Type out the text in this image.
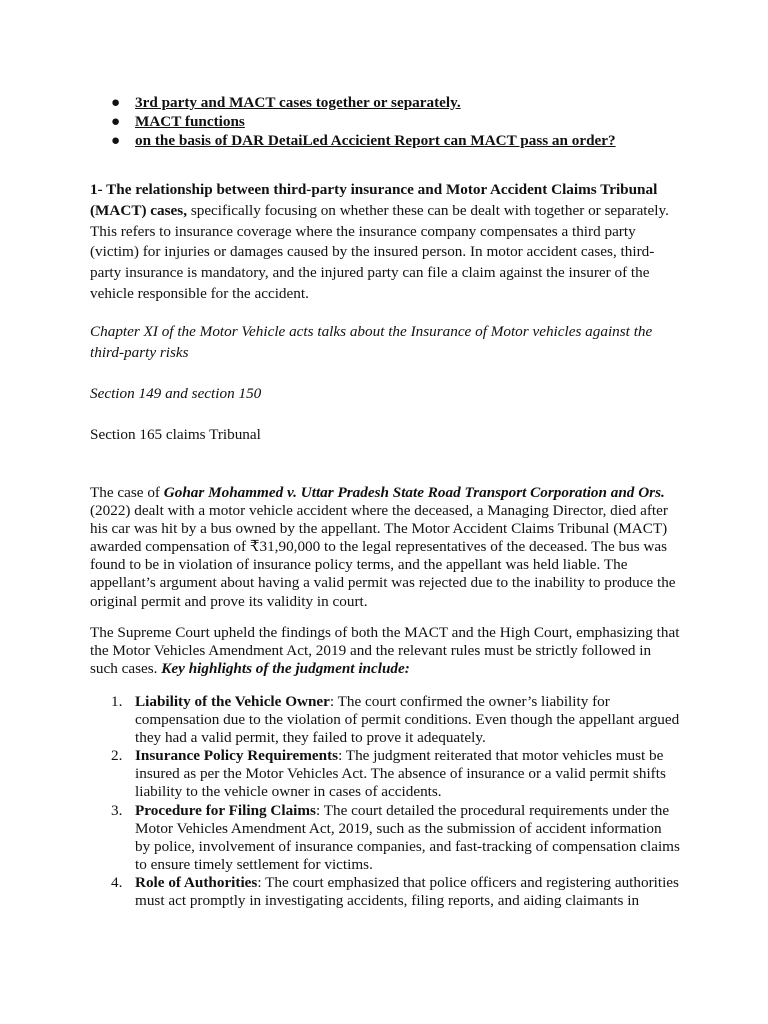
● 3rd party and MACT cases together or separately.
● MACT functions
● on the basis of DAR DetaiLed Accicient Report can MACT pass an order?

1- The relationship between third-party insurance and Motor Accident Claims Tribunal (MACT) cases, specifically focusing on whether these can be dealt with together or separately. This refers to insurance coverage where the insurance company compensates a third party (victim) for injuries or damages caused by the insured person. In motor accident cases, third-party insurance is mandatory, and the injured party can file a claim against the insurer of the vehicle responsible for the accident.

Chapter XI of the Motor Vehicle acts talks about the Insurance of Motor vehicles against the third-party risks

Section 149 and section 150

Section 165 claims Tribunal

The case of Gohar Mohammed v. Uttar Pradesh State Road Transport Corporation and Ors. (2022) dealt with a motor vehicle accident where the deceased, a Managing Director, died after his car was hit by a bus owned by the appellant. The Motor Accident Claims Tribunal (MACT) awarded compensation of ₹31,90,000 to the legal representatives of the deceased. The bus was found to be in violation of insurance policy terms, and the appellant was held liable. The appellant’s argument about having a valid permit was rejected due to the inability to produce the original permit and prove its validity in court.

The Supreme Court upheld the findings of both the MACT and the High Court, emphasizing that the Motor Vehicles Amendment Act, 2019 and the relevant rules must be strictly followed in such cases. Key highlights of the judgment include:

1. Liability of the Vehicle Owner: The court confirmed the owner’s liability for compensation due to the violation of permit conditions. Even though the appellant argued they had a valid permit, they failed to prove it adequately.
2. Insurance Policy Requirements: The judgment reiterated that motor vehicles must be insured as per the Motor Vehicles Act. The absence of insurance or a valid permit shifts liability to the vehicle owner in cases of accidents.
3. Procedure for Filing Claims: The court detailed the procedural requirements under the Motor Vehicles Amendment Act, 2019, such as the submission of accident information by police, involvement of insurance companies, and fast-tracking of compensation claims to ensure timely settlement for victims.
4. Role of Authorities: The court emphasized that police officers and registering authorities must act promptly in investigating accidents, filing reports, and aiding claimants in
